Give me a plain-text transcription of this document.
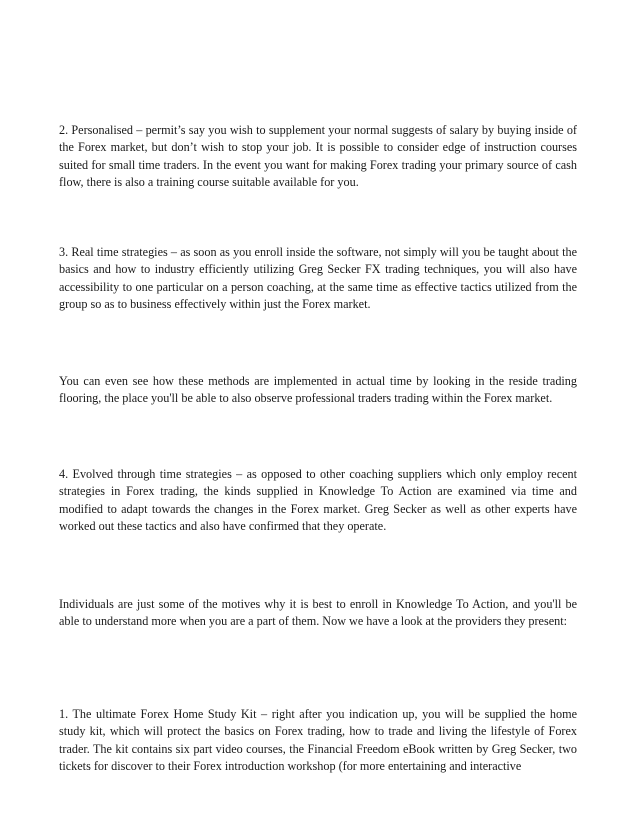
2. Personalised – permit’s say you wish to supplement your normal suggests of salary by buying inside of the Forex market, but don’t wish to stop your job. It is possible to consider edge of instruction courses suited for small time traders. In the event you want for making Forex trading your primary source of cash flow, there is also a training course suitable available for you.

3. Real time strategies – as soon as you enroll inside the software, not simply will you be taught about the basics and how to industry efficiently utilizing Greg Secker FX trading techniques, you will also have accessibility to one particular on a person coaching, at the same time as effective tactics utilized from the group so as to business effectively within just the Forex market.

You can even see how these methods are implemented in actual time by looking in the reside trading flooring, the place you'll be able to also observe professional traders trading within the Forex market.

4. Evolved through time strategies – as opposed to other coaching suppliers which only employ recent strategies in Forex trading, the kinds supplied in Knowledge To Action are examined via time and modified to adapt towards the changes in the Forex market. Greg Secker as well as other experts have worked out these tactics and also have confirmed that they operate.

Individuals are just some of the motives why it is best to enroll in Knowledge To Action, and you'll be able to understand more when you are a part of them. Now we have a look at the providers they present:

1. The ultimate Forex Home Study Kit – right after you indication up, you will be supplied the home study kit, which will protect the basics on Forex trading, how to trade and living the lifestyle of Forex trader. The kit contains six part video courses, the Financial Freedom eBook written by Greg Secker, two tickets for discover to their Forex introduction workshop (for more entertaining and interactive
